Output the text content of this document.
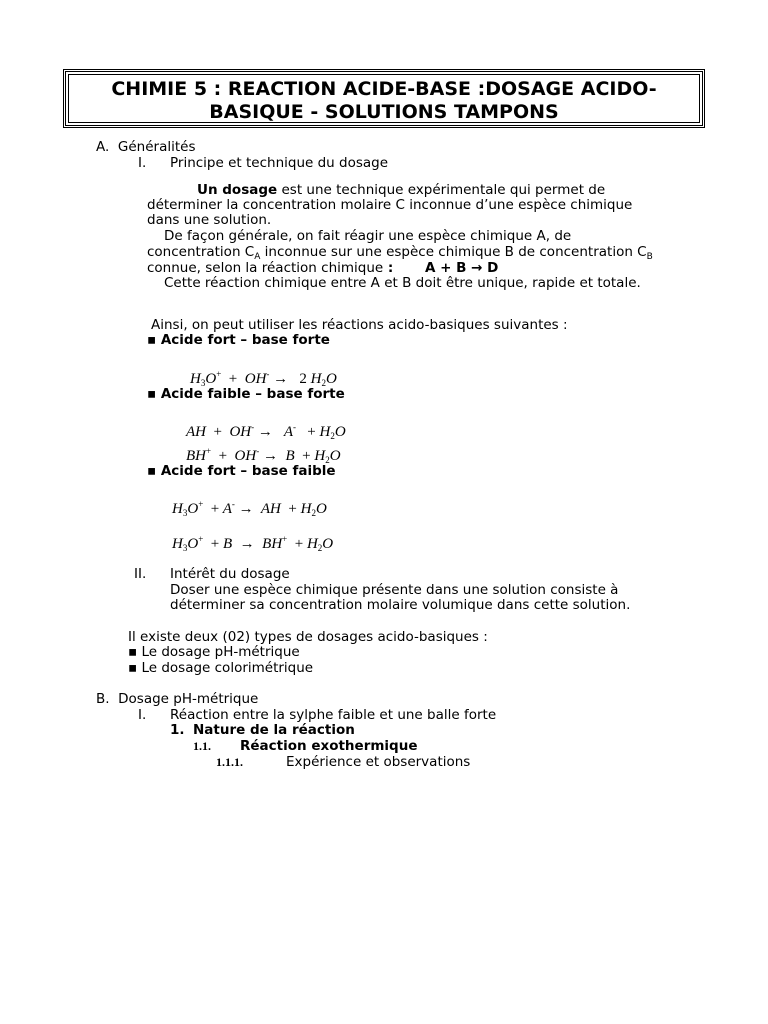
CHIMIE 5 : REACTION ACIDE-BASE :DOSAGE ACIDO-
BASIQUE - SOLUTIONS TAMPONS
A. Généralités
I. Principe et technique du dosage
Un dosage est une technique expérimentale qui permet de
déterminer la concentration molaire C inconnue d’une espèce chimique
dans une solution.
De façon générale, on fait réagir une espèce chimique A, de
concentration $C_A$ inconnue sur une espèce chimique B de concentration $C_B$
connue, selon la réaction chimique : A + B → D
Cette réaction chimique entre A et B doit être unique, rapide et totale.
Ainsi, on peut utiliser les réactions acido-basiques suivantes :
▪ Acide fort – base forte
$H_3O^+ + OH^- \to 2$ $H_2O$
▪ Acide faible – base forte
AH + $OH^- \to A^- + H_2O$
$BH^+ + OH^- \to B + H_2O$
▪ Acide fort – base faible
$H_3O^+ + A^-$ → AH + $H_2O$
$H_3O^+ + B \to BH^+ + H_2O$
II. Intérêt du dosage
Doser une espèce chimique présente dans une solution consiste à
déterminer sa concentration molaire volumique dans cette solution.
Il existe deux (02) types de dosages acido-basiques :
▪ Le dosage pH-métrique
▪ Le dosage colorimétrique
B. Dosage pH-métrique
I. Réaction entre la sylphe faible et une balle forte
1. Nature de la réaction
1.1. Réaction exothermique
1.1.1.	Expérience et observations
